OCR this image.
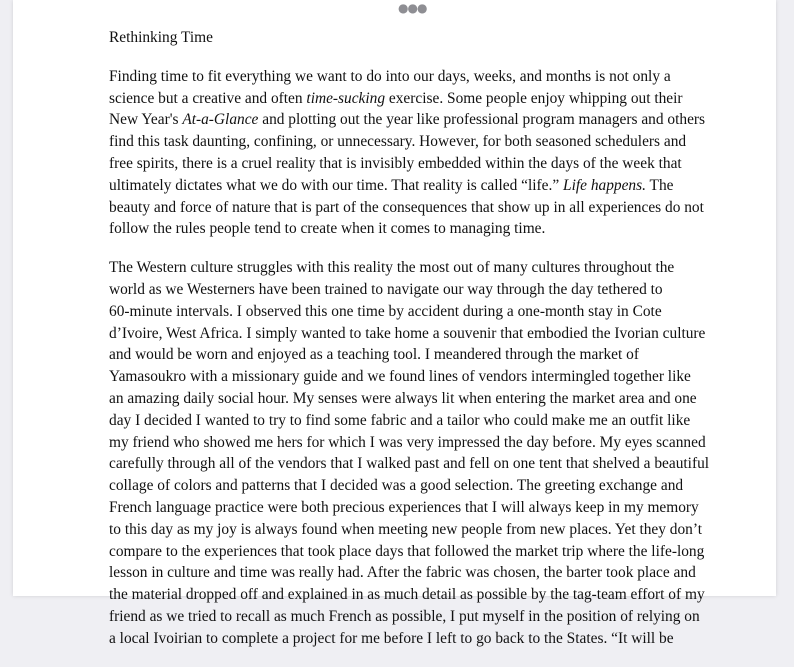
●●●
Rethinking Time
Finding time to fit everything we want to do into our days, weeks, and months is not only a
science but a creative and often time-sucking exercise. Some people enjoy whipping out their
New Year's At-a-Glance and plotting out the year like professional program managers and others
find this task daunting, confining, or unnecessary. However, for both seasoned schedulers and
free spirits, there is a cruel reality that is invisibly embedded within the days of the week that
ultimately dictates what we do with our time. That reality is called “life.” Life happens. The
beauty and force of nature that is part of the consequences that show up in all experiences do not
follow the rules people tend to create when it comes to managing time.
The Western culture struggles with this reality the most out of many cultures throughout the
world as we Westerners have been trained to navigate our way through the day tethered to
60-minute intervals. I observed this one time by accident during a one-month stay in Cote
d’Ivoire, West Africa. I simply wanted to take home a souvenir that embodied the Ivorian culture
and would be worn and enjoyed as a teaching tool. I meandered through the market of
Yamasoukro with a missionary guide and we found lines of vendors intermingled together like
an amazing daily social hour. My senses were always lit when entering the market area and one
day I decided I wanted to try to find some fabric and a tailor who could make me an outfit like
my friend who showed me hers for which I was very impressed the day before. My eyes scanned
carefully through all of the vendors that I walked past and fell on one tent that shelved a beautiful
collage of colors and patterns that I decided was a good selection. The greeting exchange and
French language practice were both precious experiences that I will always keep in my memory
to this day as my joy is always found when meeting new people from new places. Yet they don’t
compare to the experiences that took place days that followed the market trip where the life-long
lesson in culture and time was really had. After the fabric was chosen, the barter took place and
the material dropped off and explained in as much detail as possible by the tag-team effort of my
friend as we tried to recall as much French as possible, I put myself in the position of relying on
a local Ivoirian to complete a project for me before I left to go back to the States. “It will be
